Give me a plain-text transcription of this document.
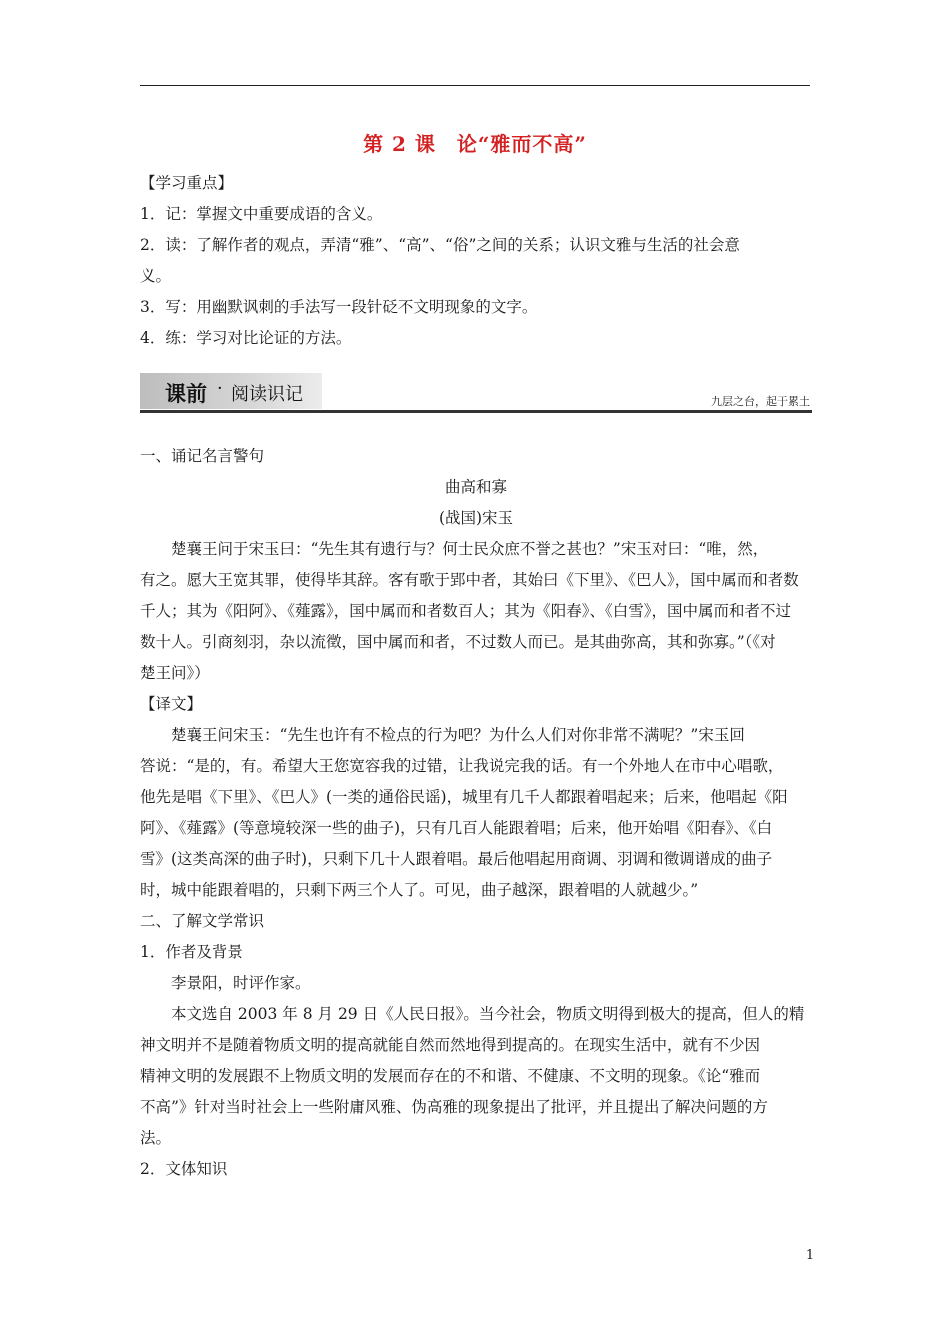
第 2 课　论“雅而不高”
【学习重点】
1．记：掌握文中重要成语的含义。
2．读：了解作者的观点，弄清“雅”、“高”、“俗”之间的关系；认识文雅与生活的社会意
义。
3．写：用幽默讽刺的手法写一段针砭不文明现象的文字。
4．练：学习对比论证的方法。
课前 · 阅读识记	九层之台，起于累土
一、诵记名言警句
曲高和寡
(战国)宋玉
楚襄王问于宋玉曰：“先生其有遗行与？何士民众庶不誉之甚也？”宋玉对曰：“唯，然，
有之。愿大王宽其罪，使得毕其辞。客有歌于郢中者，其始曰《下里》、《巴人》，国中属而和者数
千人；其为《阳阿》、《薤露》，国中属而和者数百人；其为《阳春》、《白雪》，国中属而和者不过
数十人。引商刻羽，杂以流徵，国中属而和者，不过数人而已。是其曲弥高，其和弥寡。”（《对
楚王问》）
【译文】
楚襄王问宋玉：“先生也许有不检点的行为吧？为什么人们对你非常不满呢？”宋玉回
答说：“是的，有。希望大王您宽容我的过错，让我说完我的话。有一个外地人在市中心唱歌，
他先是唱《下里》、《巴人》(一类的通俗民谣)，城里有几千人都跟着唱起来；后来，他唱起《阳
阿》、《薤露》(等意境较深一些的曲子)，只有几百人能跟着唱；后来，他开始唱《阳春》、《白
雪》(这类高深的曲子时)，只剩下几十人跟着唱。最后他唱起用商调、羽调和徵调谱成的曲子
时，城中能跟着唱的，只剩下两三个人了。可见，曲子越深，跟着唱的人就越少。”
二、了解文学常识
1．作者及背景
李景阳，时评作家。
本文选自 2003 年 8 月 29 日《人民日报》。当今社会，物质文明得到极大的提高，但人的精
神文明并不是随着物质文明的提高就能自然而然地得到提高的。在现实生活中，就有不少因
精神文明的发展跟不上物质文明的发展而存在的不和谐、不健康、不文明的现象。《论“雅而
不高”》针对当时社会上一些附庸风雅、伪高雅的现象提出了批评，并且提出了解决问题的方
法。
2．文体知识
1
